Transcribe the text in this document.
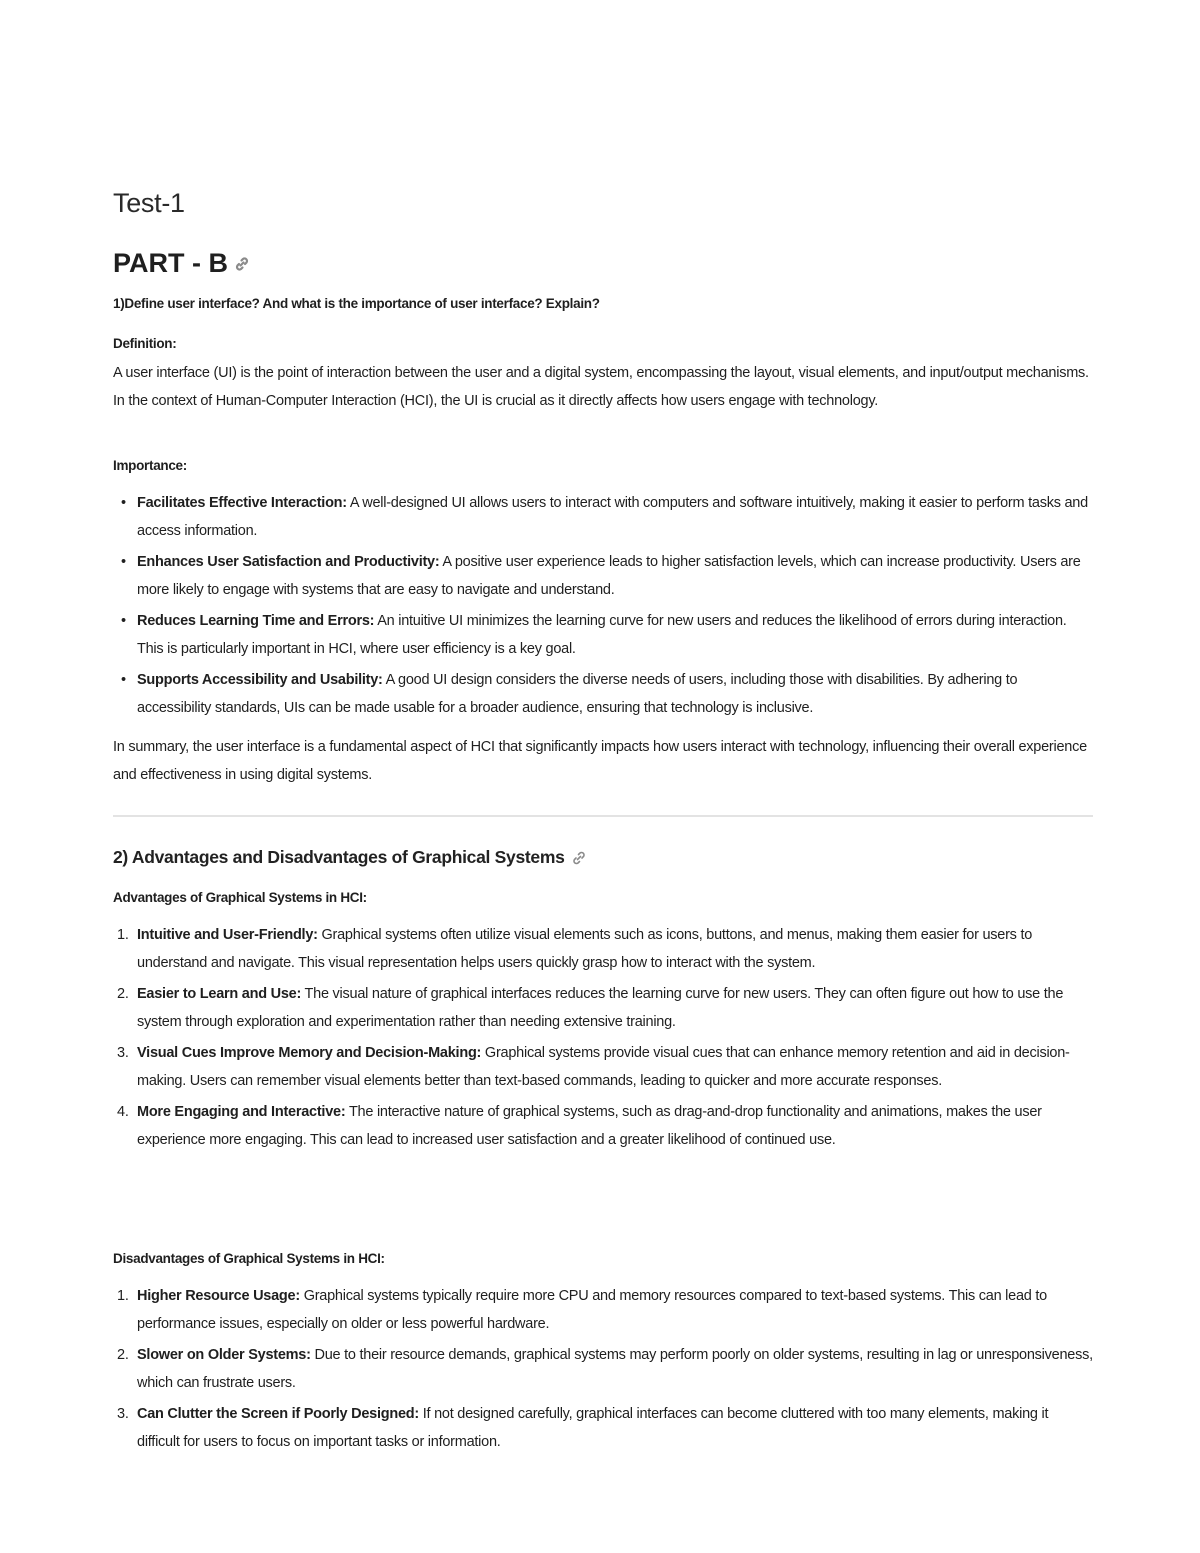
Test-1
PART - B
1)Define user interface? And what is the importance of user interface? Explain?
Definition:

A user interface (UI) is the point of interaction between the user and a digital system, encompassing the layout, visual elements, and input/output mechanisms. In the context of Human-Computer Interaction (HCI), the UI is crucial as it directly affects how users engage with technology.

Importance:
• Facilitates Effective Interaction: A well-designed UI allows users to interact with computers and software intuitively, making it easier to perform tasks and access information.
• Enhances User Satisfaction and Productivity: A positive user experience leads to higher satisfaction levels, which can increase productivity. Users are more likely to engage with systems that are easy to navigate and understand.
• Reduces Learning Time and Errors: An intuitive UI minimizes the learning curve for new users and reduces the likelihood of errors during interaction. This is particularly important in HCI, where user efficiency is a key goal.
• Supports Accessibility and Usability: A good UI design considers the diverse needs of users, including those with disabilities. By adhering to accessibility standards, UIs can be made usable for a broader audience, ensuring that technology is inclusive.

In summary, the user interface is a fundamental aspect of HCI that significantly impacts how users interact with technology, influencing their overall experience and effectiveness in using digital systems.

2) Advantages and Disadvantages of Graphical Systems
Advantages of Graphical Systems in HCI:
1. Intuitive and User-Friendly: Graphical systems often utilize visual elements such as icons, buttons, and menus, making them easier for users to understand and navigate. This visual representation helps users quickly grasp how to interact with the system.
2. Easier to Learn and Use: The visual nature of graphical interfaces reduces the learning curve for new users. They can often figure out how to use the system through exploration and experimentation rather than needing extensive training.
3. Visual Cues Improve Memory and Decision-Making: Graphical systems provide visual cues that can enhance memory retention and aid in decision-making. Users can remember visual elements better than text-based commands, leading to quicker and more accurate responses.
4. More Engaging and Interactive: The interactive nature of graphical systems, such as drag-and-drop functionality and animations, makes the user experience more engaging. This can lead to increased user satisfaction and a greater likelihood of continued use.
Disadvantages of Graphical Systems in HCI:
1. Higher Resource Usage: Graphical systems typically require more CPU and memory resources compared to text-based systems. This can lead to performance issues, especially on older or less powerful hardware.
2. Slower on Older Systems: Due to their resource demands, graphical systems may perform poorly on older systems, resulting in lag or unresponsiveness, which can frustrate users.
3. Can Clutter the Screen if Poorly Designed: If not designed carefully, graphical interfaces can become cluttered with too many elements, making it difficult for users to focus on important tasks or information.
